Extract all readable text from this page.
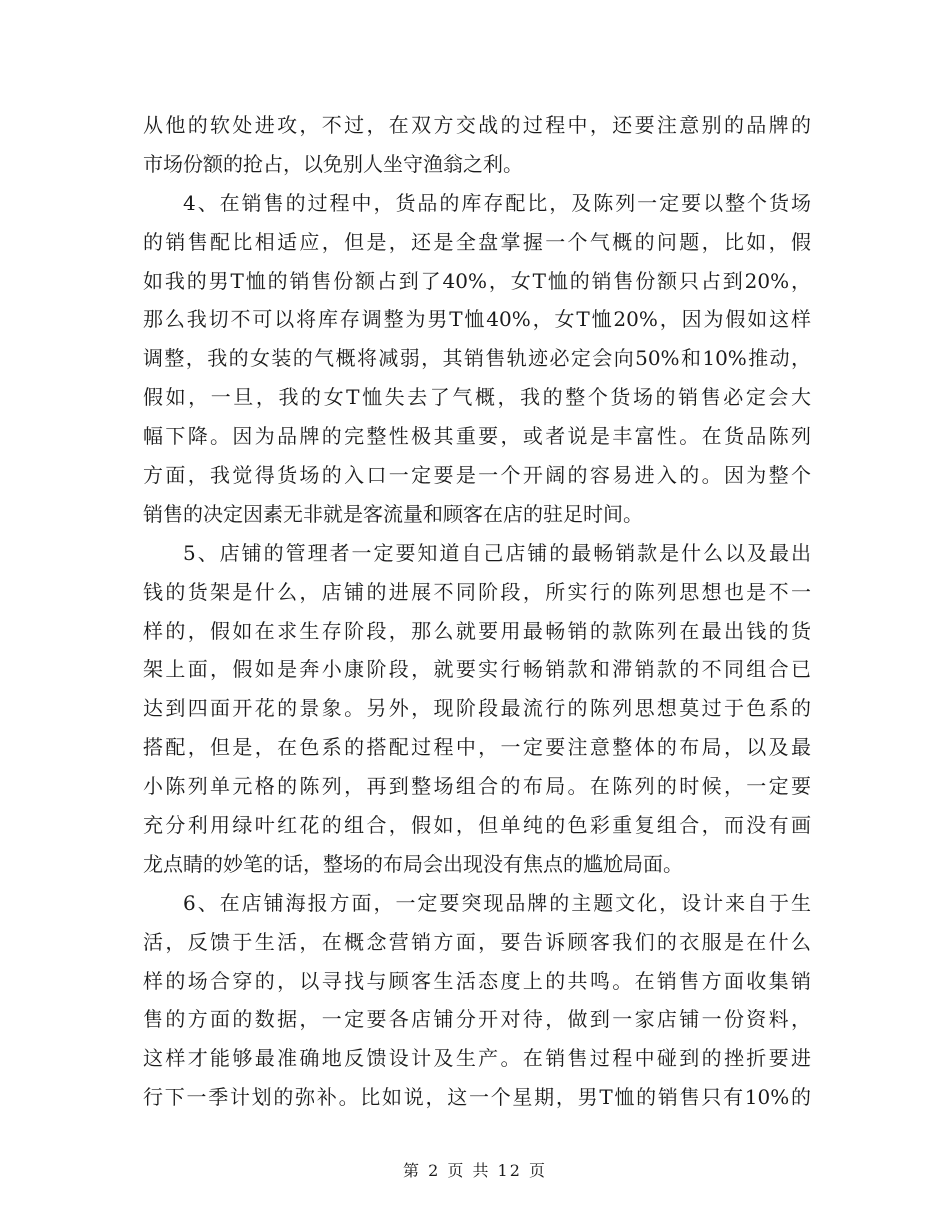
从他的软处进攻，不过，在双方交战的过程中，还要注意别的品牌的
市场份额的抢占，以免别人坐守渔翁之利。
4、在销售的过程中，货品的库存配比，及陈列一定要以整个货场
的销售配比相适应，但是，还是全盘掌握一个气概的问题，比如，假
如我的男T恤的销售份额占到了40%，女T恤的销售份额只占到20%，
那么我切不可以将库存调整为男T恤40%，女T恤20%，因为假如这样
调整，我的女装的气概将减弱，其销售轨迹必定会向50%和10%推动，
假如，一旦，我的女T恤失去了气概，我的整个货场的销售必定会大
幅下降。因为品牌的完整性极其重要，或者说是丰富性。在货品陈列
方面，我觉得货场的入口一定要是一个开阔的容易进入的。因为整个
销售的决定因素无非就是客流量和顾客在店的驻足时间。
5、店铺的管理者一定要知道自己店铺的最畅销款是什么以及最出
钱的货架是什么，店铺的进展不同阶段，所实行的陈列思想也是不一
样的，假如在求生存阶段，那么就要用最畅销的款陈列在最出钱的货
架上面，假如是奔小康阶段，就要实行畅销款和滞销款的不同组合已
达到四面开花的景象。另外，现阶段最流行的陈列思想莫过于色系的
搭配，但是，在色系的搭配过程中，一定要注意整体的布局，以及最
小陈列单元格的陈列，再到整场组合的布局。在陈列的时候，一定要
充分利用绿叶红花的组合，假如，但单纯的色彩重复组合，而没有画
龙点睛的妙笔的话，整场的布局会出现没有焦点的尴尬局面。
6、在店铺海报方面，一定要突现品牌的主题文化，设计来自于生
活，反馈于生活，在概念营销方面，要告诉顾客我们的衣服是在什么
样的场合穿的，以寻找与顾客生活态度上的共鸣。在销售方面收集销
售的方面的数据，一定要各店铺分开对待，做到一家店铺一份资料，
这样才能够最准确地反馈设计及生产。在销售过程中碰到的挫折要进
行下一季计划的弥补。比如说，这一个星期，男T恤的销售只有10%的
第 2 页 共 12 页
